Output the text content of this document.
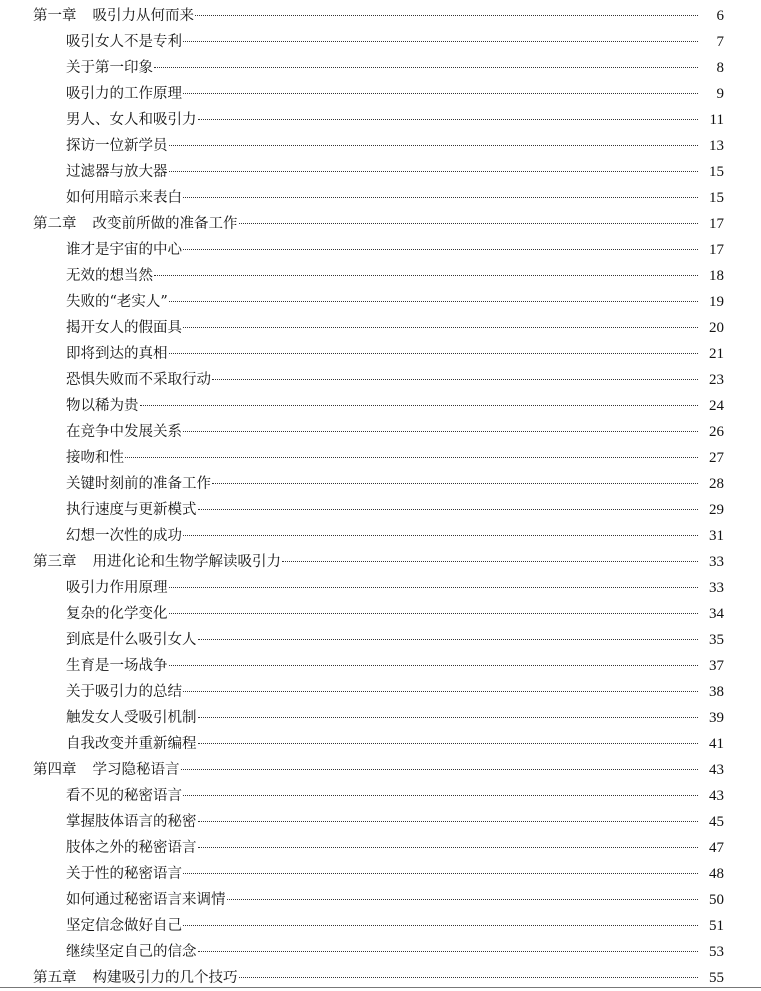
第一章 吸引力从何而来	6
吸引女人不是专利	7
关于第一印象	8
吸引力的工作原理	9
男人、女人和吸引力	11
探访一位新学员	13
过滤器与放大器	15
如何用暗示来表白	15
第二章 改变前所做的准备工作	17
谁才是宇宙的中心	17
无效的想当然	18
失败的“老实人”	19
揭开女人的假面具	20
即将到达的真相	21
恐惧失败而不采取行动	23
物以稀为贵	24
在竞争中发展关系	26
接吻和性	27
关键时刻前的准备工作	28
执行速度与更新模式	29
幻想一次性的成功	31
第三章 用进化论和生物学解读吸引力	33
吸引力作用原理	33
复杂的化学变化	34
到底是什么吸引女人	35
生育是一场战争	37
关于吸引力的总结	38
触发女人受吸引机制	39
自我改变并重新编程	41
第四章 学习隐秘语言	43
看不见的秘密语言	43
掌握肢体语言的秘密	45
肢体之外的秘密语言	47
关于性的秘密语言	48
如何通过秘密语言来调情	50
坚定信念做好自己	51
继续坚定自己的信念	53
第五章 构建吸引力的几个技巧	55
